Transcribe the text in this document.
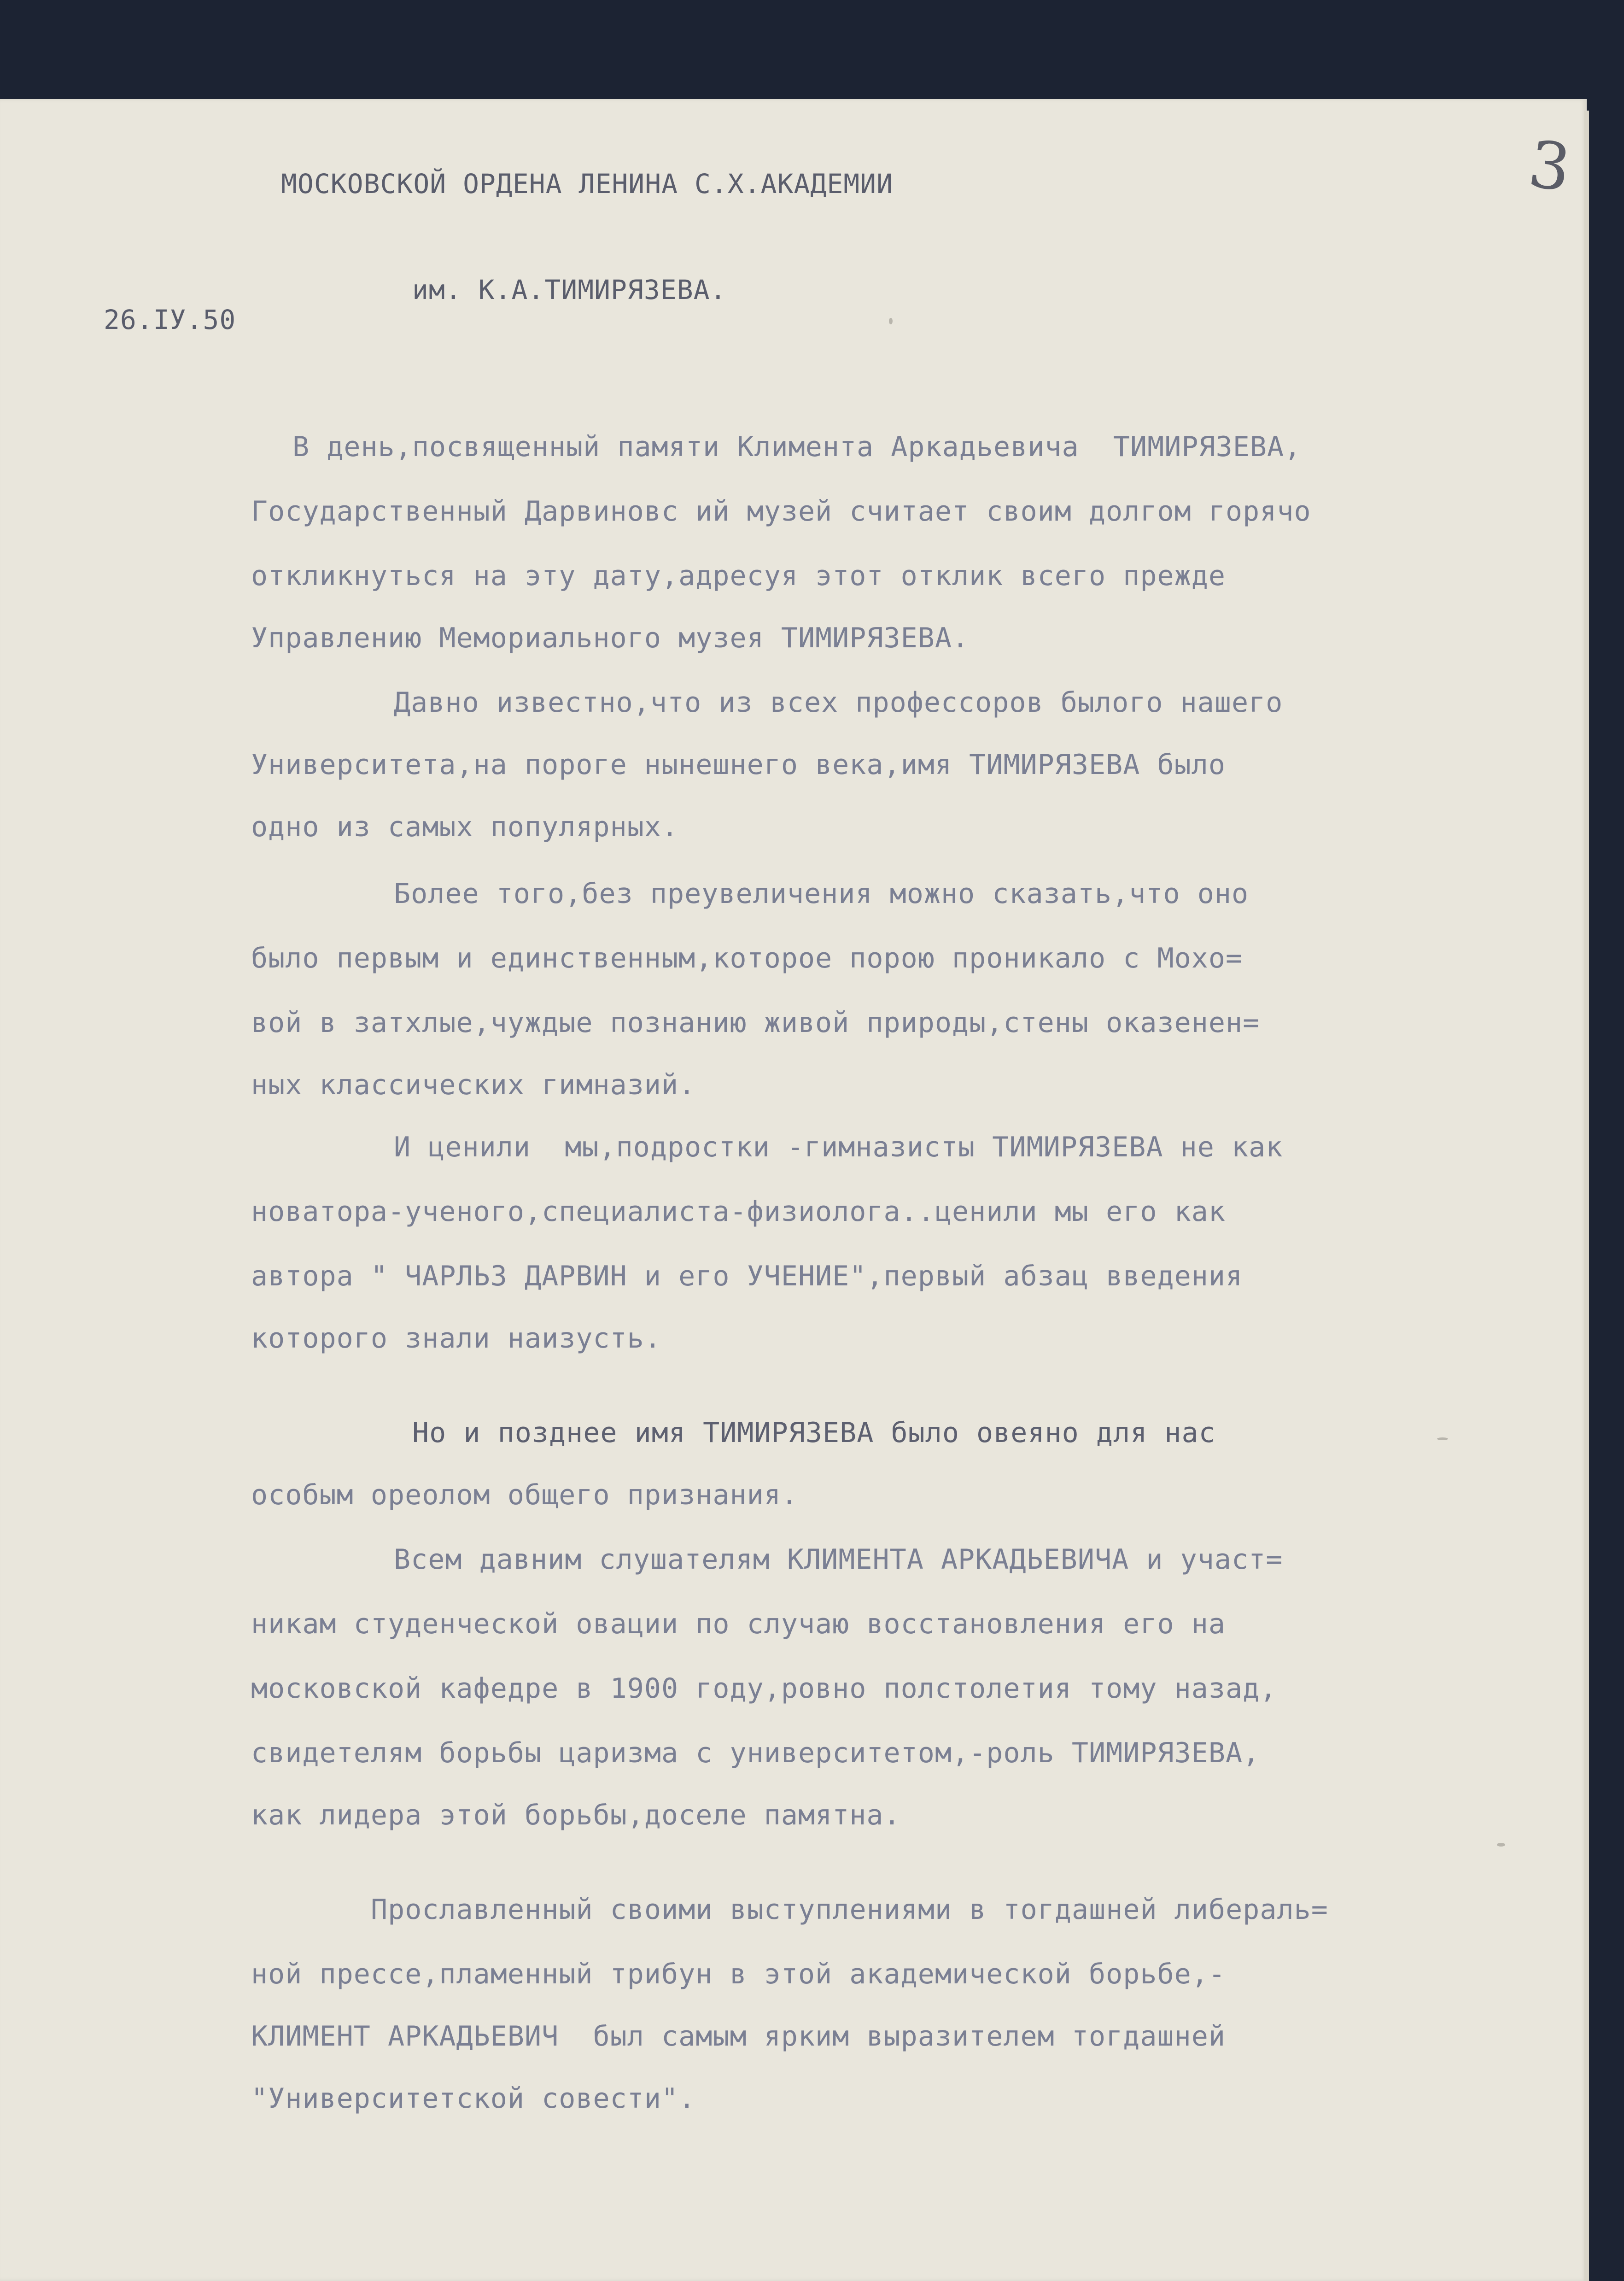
3

МОСКОВСКОЙ ОРДЕНА ЛЕНИНА С.Х.АКАДЕМИИ

им. К.А.ТИМИРЯЗЕВА.

26.IУ.50

В день,посвященный памяти Климента Аркадьевича  ТИМИРЯЗЕВА,

Государственный Дарвиновс ий музей считает своим долгом горячо

откликнуться на эту дату,адресуя этот отклик всего прежде

Управлению Мемориального музея ТИМИРЯЗЕВА.

Давно известно,что из всех профессоров былого нашего

Университета,на пороге нынешнего века,имя ТИМИРЯЗЕВА было

одно из самых популярных.

Более того,без преувеличения можно сказать,что оно

было первым и единственным,которое порою проникало с Мохо=

вой в затхлые,чуждые познанию живой природы,стены оказенен=

ных классических гимназий.

И ценили  мы,подростки -гимназисты ТИМИРЯЗЕВА не как

новатора-ученого,специалиста-физиолога..ценили мы его как

автора " ЧАРЛЬЗ ДАРВИН и его УЧЕНИЕ",первый абзац введения

которого знали наизусть.

Но и позднее имя ТИМИРЯЗЕВА было овеяно для нас

особым ореолом общего признания.

Всем давним слушателям КЛИМЕНТА АРКАДЬЕВИЧА и участ=

никам студенческой овации по случаю восстановления его на

московской кафедре в 1900 году,ровно полстолетия тому назад,

свидетелям борьбы царизма с университетом,-роль ТИМИРЯЗЕВА,

как лидера этой борьбы,доселе памятна.

Прославленный своими выступлениями в тогдашней либераль=

ной прессе,пламенный трибун в этой академической борьбе,-

КЛИМЕНТ АРКАДЬЕВИЧ  был самым ярким выразителем тогдашней

"Университетской совести".
